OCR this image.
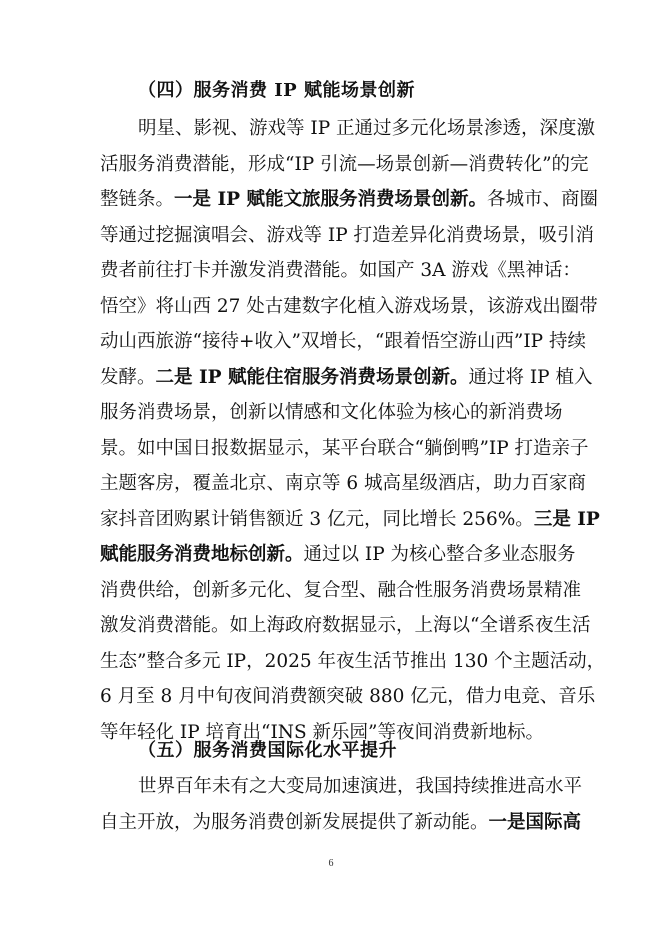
（四）服务消费 IP 赋能场景创新
明星、影视、游戏等 IP 正通过多元化场景渗透，深度激
活服务消费潜能，形成“IP 引流—场景创新—消费转化”的完
整链条。一是 IP 赋能文旅服务消费场景创新。各城市、商圈
等通过挖掘演唱会、游戏等 IP 打造差异化消费场景，吸引消
费者前往打卡并激发消费潜能。如国产 3A 游戏《黑神话：
悟空》将山西 27 处古建数字化植入游戏场景，该游戏出圈带
动山西旅游“接待+收入”双增长，“跟着悟空游山西”IP 持续
发酵。二是 IP 赋能住宿服务消费场景创新。通过将 IP 植入
服务消费场景，创新以情感和文化体验为核心的新消费场
景。如中国日报数据显示，某平台联合“躺倒鸭”IP 打造亲子
主题客房，覆盖北京、南京等 6 城高星级酒店，助力百家商
家抖音团购累计销售额近 3 亿元，同比增长 256%。三是 IP
赋能服务消费地标创新。通过以 IP 为核心整合多业态服务
消费供给，创新多元化、复合型、融合性服务消费场景精准
激发消费潜能。如上海政府数据显示，上海以“全谱系夜生活
生态”整合多元 IP，2025 年夜生活节推出 130 个主题活动，
6 月至 8 月中旬夜间消费额突破 880 亿元，借力电竞、音乐
等年轻化 IP 培育出“INS 新乐园”等夜间消费新地标。
（五）服务消费国际化水平提升
世界百年未有之大变局加速演进，我国持续推进高水平
自主开放，为服务消费创新发展提供了新动能。一是国际高
6
